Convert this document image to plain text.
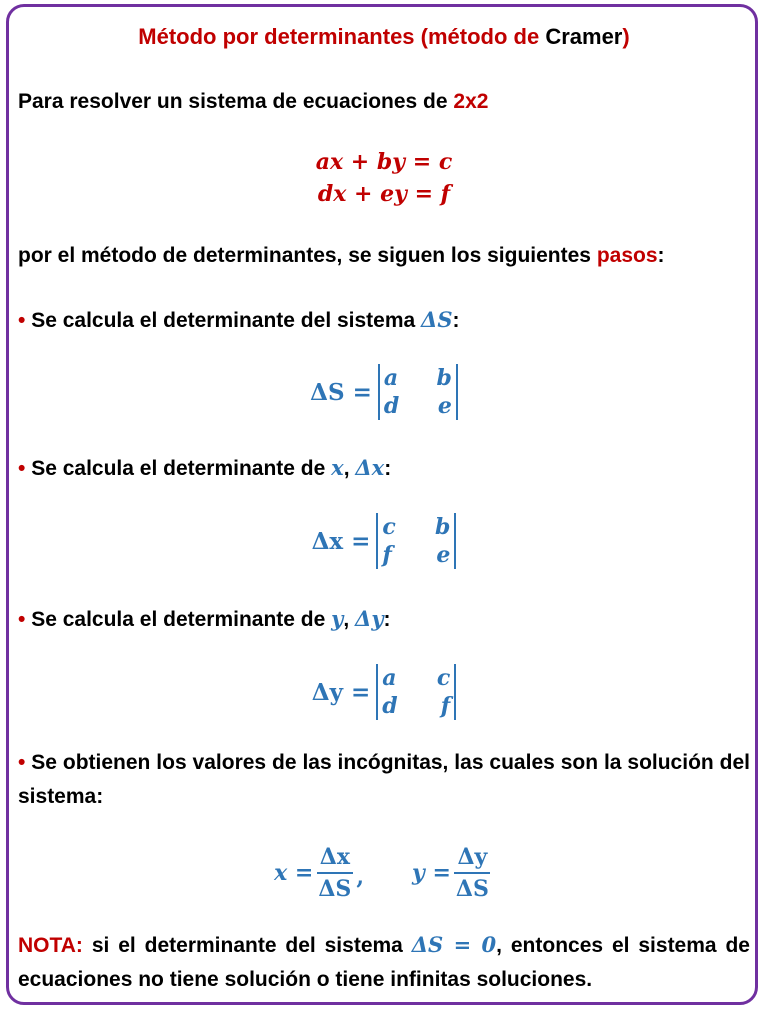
Método por determinantes (método de Cramer)
Para resolver un sistema de ecuaciones de 2x2
ax + by = c
dx + ey = f
por el método de determinantes, se siguen los siguientes pasos:
• Se calcula el determinante del sistema ΔS:
ΔS =
a	b
d	e
• Se calcula el determinante de x, Δx:
Δx =
c	b
f	e
• Se calcula el determinante de y, Δy:
Δy =
a	c
d	f
• Se obtienen los valores de las incógnitas, las cuales son la solución del sistema:
$x = \frac{\Delta x}{\Delta S}$ , $y = \frac{\Delta y}{\Delta S}$
NOTA: si el determinante del sistema ΔS = 0, entonces el sistema de ecuaciones no tiene solución o tiene infinitas soluciones.
